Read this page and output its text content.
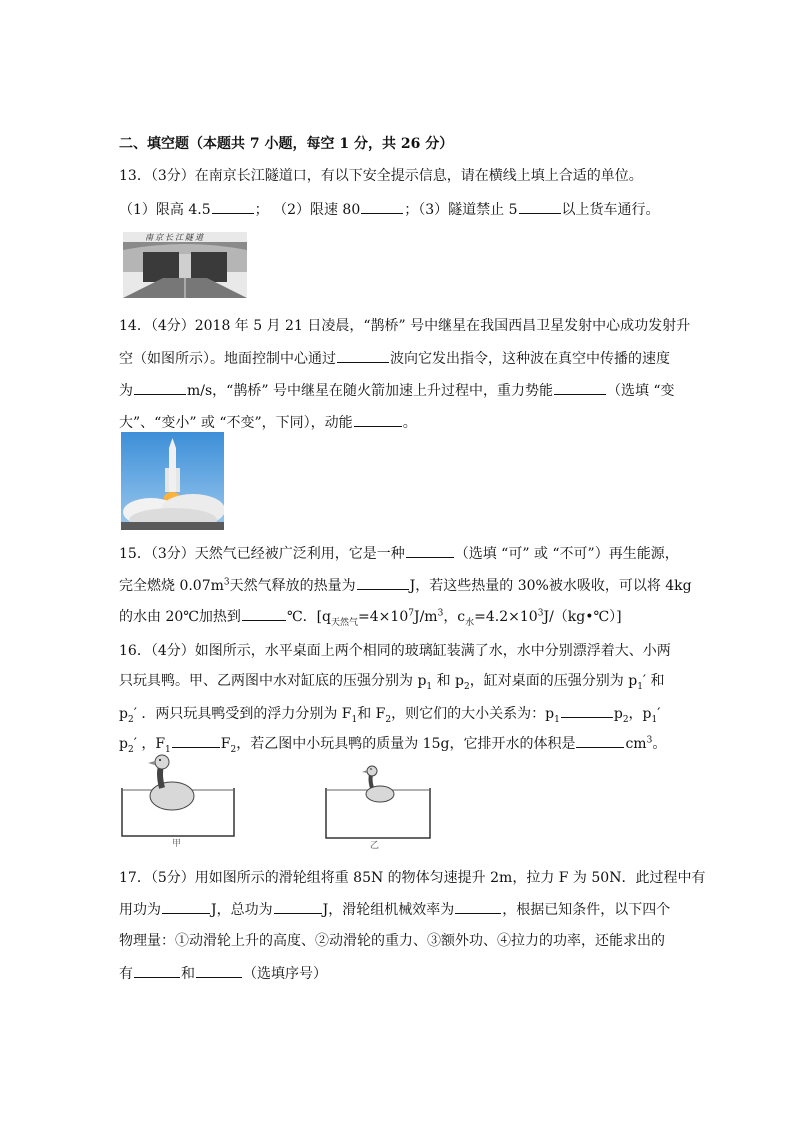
二、填空题（本题共 7 小题，每空 1 分，共 26 分）
13．（3分）在南京长江隧道口，有以下安全提示信息，请在横线上填上合适的单位。
（1）限高 4.5	； （2）限速 80	；（3）隧道禁止 5	以上货车通行。
南京长江隧道
14．（4分）2018 年 5 月 21 日凌晨，“鹊桥” 号中继星在我国西昌卫星发射中心成功发射升
空（如图所示）。地面控制中心通过	波向它发出指令，这种波在真空中传播的速度
为	m/s，“鹊桥” 号中继星在随火箭加速上升过程中，重力势能	（选填 “变
大”、“变小” 或 “不变”，下同），动能	。
15．（3分）天然气已经被广泛利用，它是一种	（选填 “可” 或 “不可”）再生能源，
完全燃烧 $0.07m^3$天然气释放的热量为	J，若这些热量的 30%被水吸收，可以将 4kg
的水由 20℃加热到	℃．[$q_{天然气}=4\times 10^7J/m^3$，$c_水=4.2\times 10^3J/(kg•℃)$]
16．（4分）如图所示，水平桌面上两个相同的玻璃缸装满了水，水中分别漂浮着大、小两
只玩具鸭。甲、乙两图中水对缸底的压强分别为 $p_1$ 和 $p_2$，缸对桌面的压强分别为 $p_1'$ 和
$p_2'$ ．两只玩具鸭受到的浮力分别为 $F_1$和 $F_2$，则它们的大小关系为：$p_1$	$p_2$，$p_1'$
$p_2'$ ，$F_1$	$F_2$，若乙图中小玩具鸭的质量为 15g，它排开水的体积是	$cm^3$。
甲	乙
17．（5分）用如图所示的滑轮组将重 85N 的物体匀速提升 2m，拉力 F 为 50N．此过程中有
用功为	J，总功为	J，滑轮组机械效率为	，根据已知条件，以下四个
物理量：①动滑轮上升的高度、②动滑轮的重力、③额外功、④拉力的功率，还能求出的
有	和	（选填序号）
